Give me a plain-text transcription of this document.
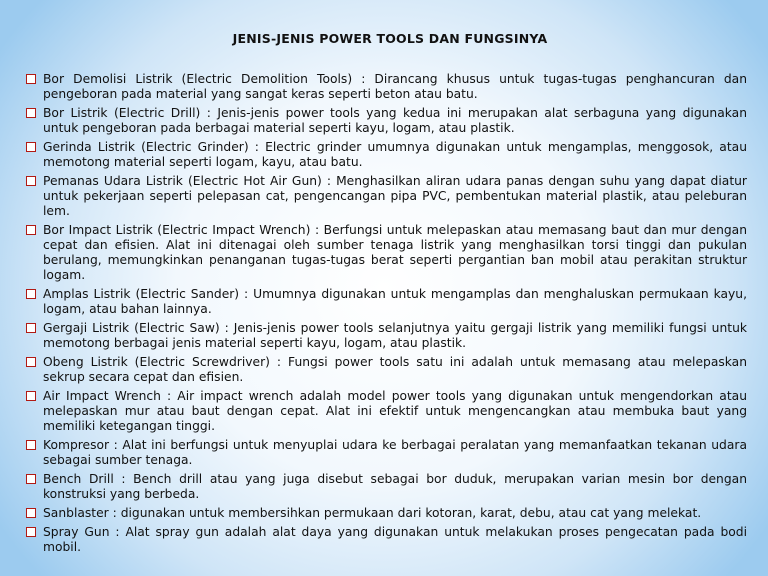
JENIS-JENIS POWER TOOLS DAN FUNGSINYA
Bor Demolisi Listrik (Electric Demolition Tools) : Dirancang khusus untuk tugas-tugas penghancuran dan pengeboran pada material yang sangat keras seperti beton atau batu.
Bor Listrik (Electric Drill) : Jenis-jenis power tools yang kedua ini merupakan alat serbaguna yang digunakan untuk pengeboran pada berbagai material seperti kayu, logam, atau plastik.
Gerinda Listrik (Electric Grinder) : Electric grinder umumnya digunakan untuk mengamplas, menggosok, atau memotong material seperti logam, kayu, atau batu.
Pemanas Udara Listrik (Electric Hot Air Gun) : Menghasilkan aliran udara panas dengan suhu yang dapat diatur untuk pekerjaan seperti pelepasan cat, pengencangan pipa PVC, pembentukan material plastik, atau peleburan lem.
Bor Impact Listrik (Electric Impact Wrench) : Berfungsi untuk melepaskan atau memasang baut dan mur dengan cepat dan efisien. Alat ini ditenagai oleh sumber tenaga listrik yang menghasilkan torsi tinggi dan pukulan berulang, memungkinkan penanganan tugas-tugas berat seperti pergantian ban mobil atau perakitan struktur logam.
Amplas Listrik (Electric Sander) : Umumnya digunakan untuk mengamplas dan menghaluskan permukaan kayu, logam, atau bahan lainnya.
Gergaji Listrik (Electric Saw) : Jenis-jenis power tools selanjutnya yaitu gergaji listrik yang memiliki fungsi untuk memotong berbagai jenis material seperti kayu, logam, atau plastik.
Obeng Listrik (Electric Screwdriver) : Fungsi power tools satu ini adalah untuk memasang atau melepaskan sekrup secara cepat dan efisien.
Air Impact Wrench : Air impact wrench adalah model power tools yang digunakan untuk mengendorkan atau melepaskan mur atau baut dengan cepat. Alat ini efektif untuk mengencangkan atau membuka baut yang memiliki ketegangan tinggi.
Kompresor : Alat ini berfungsi untuk menyuplai udara ke berbagai peralatan yang memanfaatkan tekanan udara sebagai sumber tenaga.
Bench Drill : Bench drill atau yang juga disebut sebagai bor duduk, merupakan varian mesin bor dengan konstruksi yang berbeda.
Sanblaster : digunakan untuk membersihkan permukaan dari kotoran, karat, debu, atau cat yang melekat.
Spray Gun : Alat spray gun adalah alat daya yang digunakan untuk melakukan proses pengecatan pada bodi mobil.
